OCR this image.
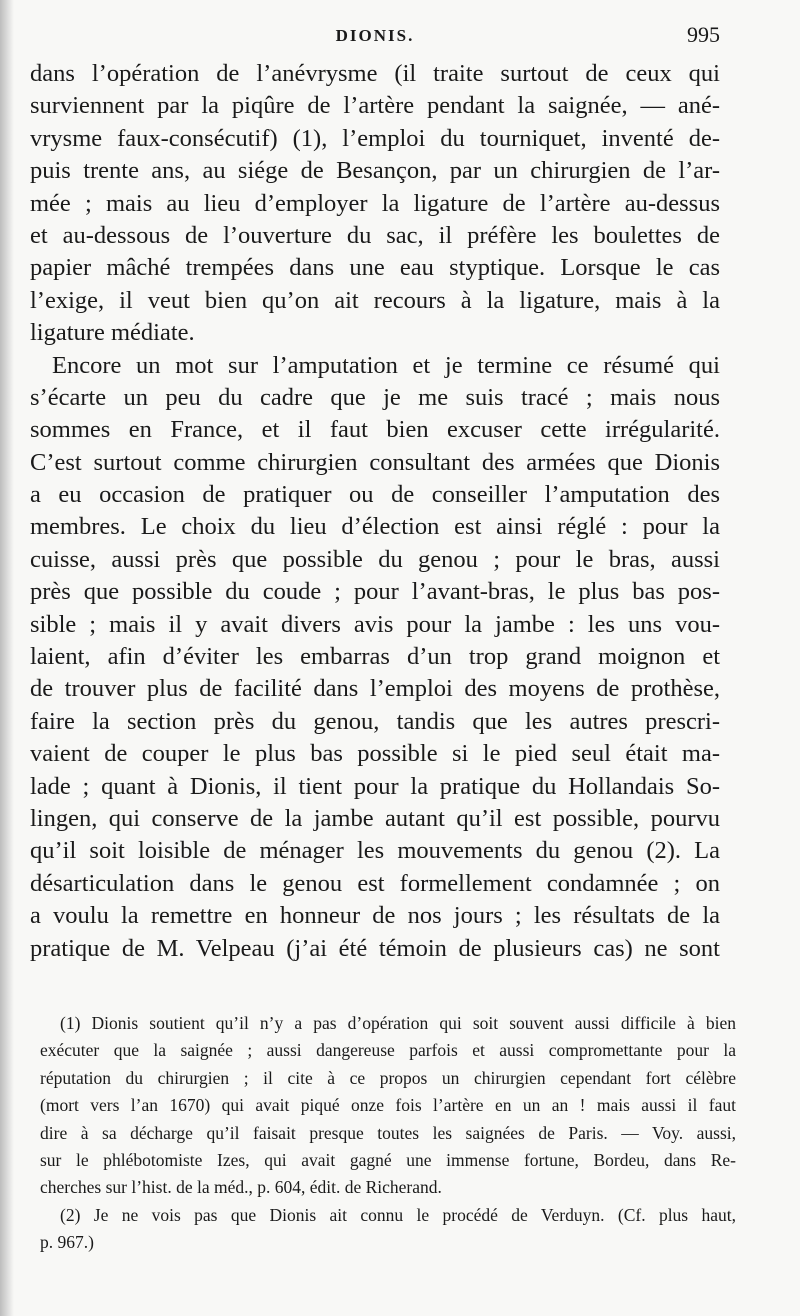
DIONIS.	995
dans l’opération de l’anévrysme (il traite surtout de ceux qui
surviennent par la piqûre de l’artère pendant la saignée, — ané-
vrysme faux-consécutif) (1), l’emploi du tourniquet, inventé de-
puis trente ans, au siége de Besançon, par un chirurgien de l’ar-
mée ; mais au lieu d’employer la ligature de l’artère au-dessus
et au-dessous de l’ouverture du sac, il préfère les boulettes de
papier mâché trempées dans une eau styptique. Lorsque le cas
l’exige, il veut bien qu’on ait recours à la ligature, mais à la
ligature médiate.
Encore un mot sur l’amputation et je termine ce résumé qui
s’écarte un peu du cadre que je me suis tracé ; mais nous
sommes en France, et il faut bien excuser cette irrégularité.
C’est surtout comme chirurgien consultant des armées que Dionis
a eu occasion de pratiquer ou de conseiller l’amputation des
membres. Le choix du lieu d’élection est ainsi réglé : pour la
cuisse, aussi près que possible du genou ; pour le bras, aussi
près que possible du coude ; pour l’avant-bras, le plus bas pos-
sible ; mais il y avait divers avis pour la jambe : les uns vou-
laient, afin d’éviter les embarras d’un trop grand moignon et
de trouver plus de facilité dans l’emploi des moyens de prothèse,
faire la section près du genou, tandis que les autres prescri-
vaient de couper le plus bas possible si le pied seul était ma-
lade ; quant à Dionis, il tient pour la pratique du Hollandais So-
lingen, qui conserve de la jambe autant qu’il est possible, pourvu
qu’il soit loisible de ménager les mouvements du genou (2). La
désarticulation dans le genou est formellement condamnée ; on
a voulu la remettre en honneur de nos jours ; les résultats de la
pratique de M. Velpeau (j’ai été témoin de plusieurs cas) ne sont
(1) Dionis soutient qu’il n’y a pas d’opération qui soit souvent aussi difficile à bien
exécuter que la saignée ; aussi dangereuse parfois et aussi compromettante pour la
réputation du chirurgien ; il cite à ce propos un chirurgien cependant fort célèbre
(mort vers l’an 1670) qui avait piqué onze fois l’artère en un an ! mais aussi il faut
dire à sa décharge qu’il faisait presque toutes les saignées de Paris. — Voy. aussi,
sur le phlébotomiste Izes, qui avait gagné une immense fortune, Bordeu, dans Re-
cherches sur l’hist. de la méd., p. 604, édit. de Richerand.
(2) Je ne vois pas que Dionis ait connu le procédé de Verduyn. (Cf. plus haut,
p. 967.)
